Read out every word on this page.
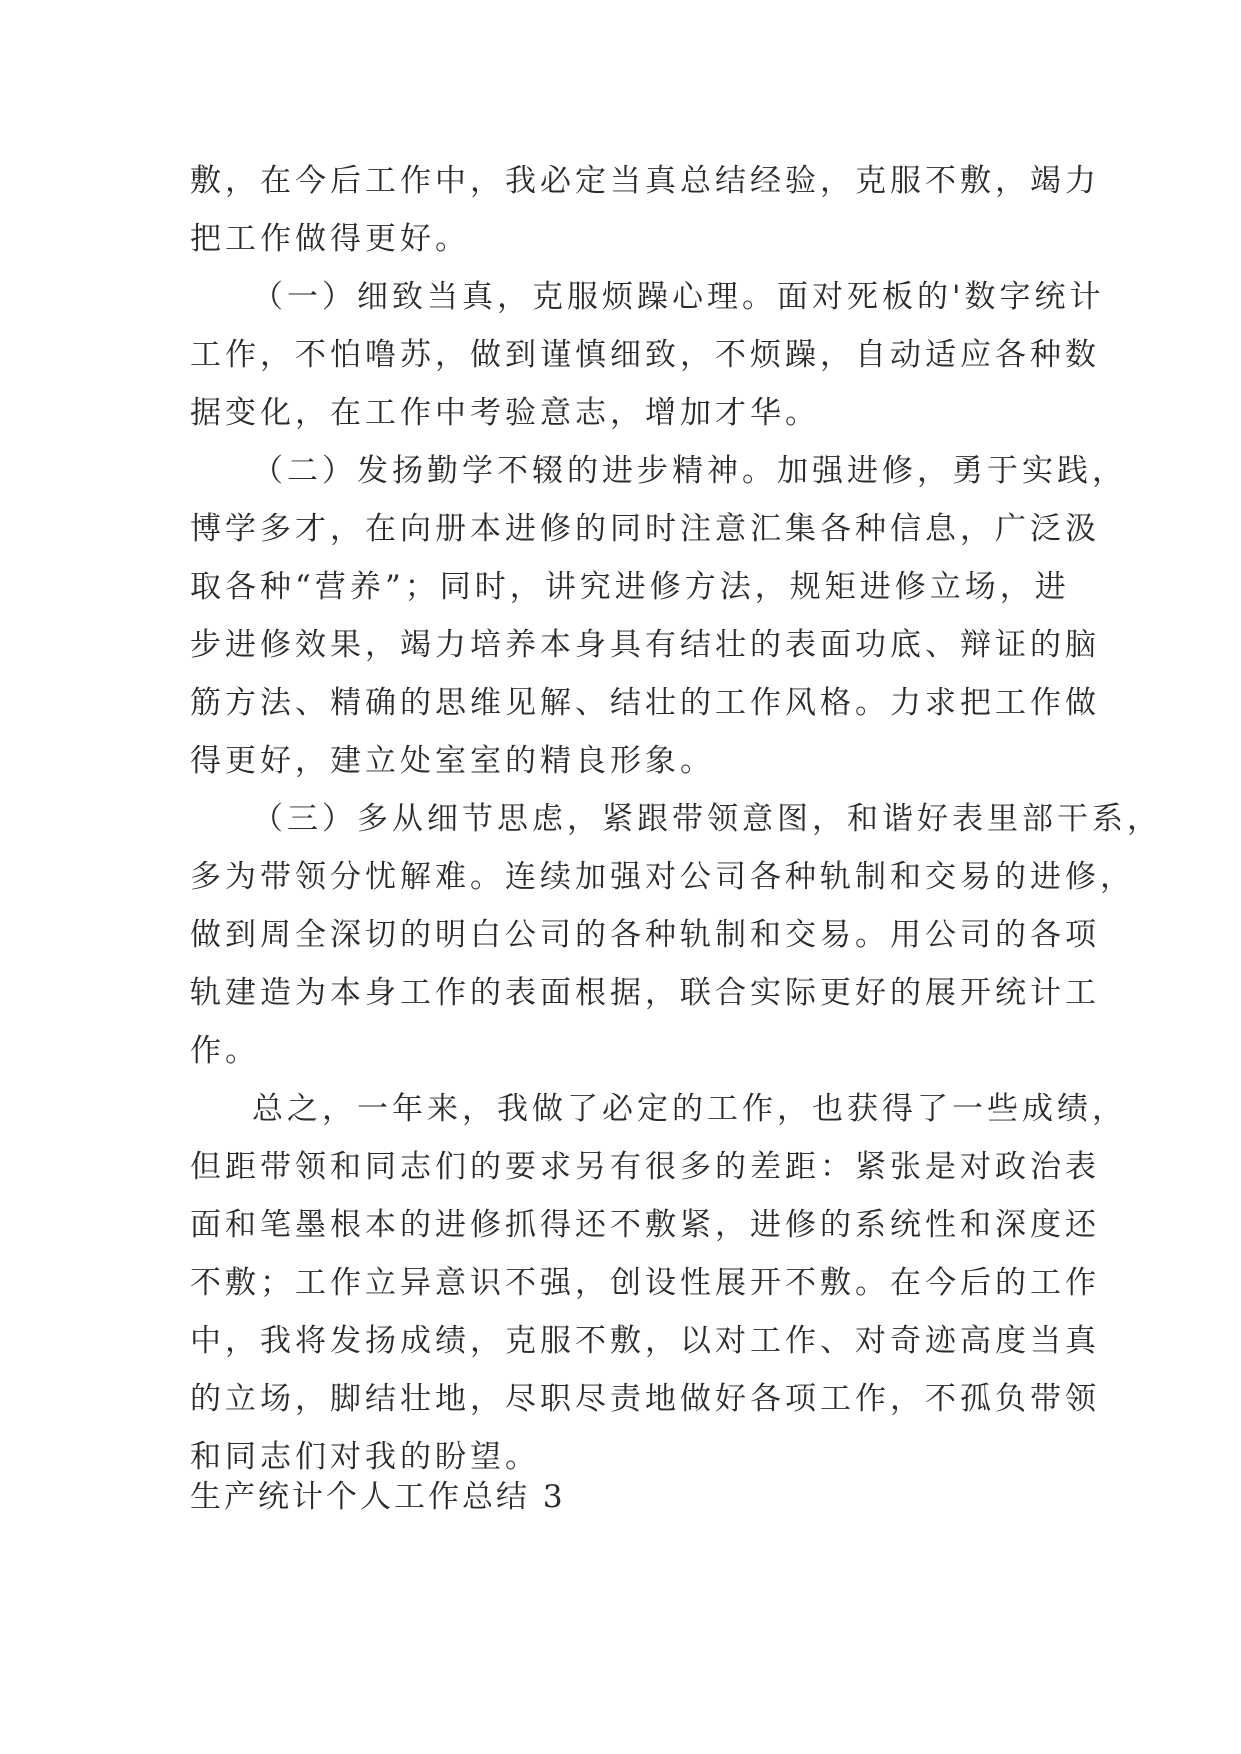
敷，在今后工作中，我必定当真总结经验，克服不敷，竭力
把工作做得更好。
（一）细致当真，克服烦躁心理。面对死板的'数字统计
工作，不怕噜苏，做到谨慎细致，不烦躁，自动适应各种数
据变化，在工作中考验意志，增加才华。
（二）发扬勤学不辍的进步精神。加强进修，勇于实践，
博学多才，在向册本进修的同时注意汇集各种信息，广泛汲
取各种“营养”；同时，讲究进修方法，规矩进修立场，进
步进修效果，竭力培养本身具有结壮的表面功底、辩证的脑
筋方法、精确的思维见解、结壮的工作风格。力求把工作做
得更好，建立处室室的精良形象。
（三）多从细节思虑，紧跟带领意图，和谐好表里部干系，
多为带领分忧解难。连续加强对公司各种轨制和交易的进修，
做到周全深切的明白公司的各种轨制和交易。用公司的各项
轨建造为本身工作的表面根据，联合实际更好的展开统计工
作。
总之，一年来，我做了必定的工作，也获得了一些成绩，
但距带领和同志们的要求另有很多的差距：紧张是对政治表
面和笔墨根本的进修抓得还不敷紧，进修的系统性和深度还
不敷；工作立异意识不强，创设性展开不敷。在今后的工作
中，我将发扬成绩，克服不敷，以对工作、对奇迹高度当真
的立场，脚结壮地，尽职尽责地做好各项工作，不孤负带领
和同志们对我的盼望。
生产统计个人工作总结 3
